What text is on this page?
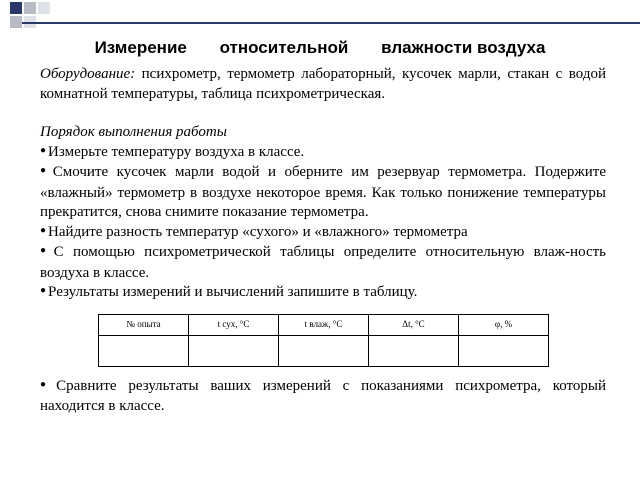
Измерение относительной влажности воздуха

Оборудование: психрометр, термометр лабораторный, кусочек марли, стакан с водой комнатной температуры, таблица психрометрическая.

Порядок выполнения работы

● Измерьте температуру воздуха в классе.

● Смочите кусочек марли водой и оберните им резервуар термометра. Подержите «влажный» термометр в воздухе некоторое время. Как только понижение температуры прекратится, снова снимите показание термометра.

● Найдите разность температур «сухого» и «влажного» термометра

● С помощью психрометрической таблицы определите относительную влаж-ность воздуха в классе.

● Результаты измерений и вычислений запишите в таблицу.

№ опыта	t сух, °C	t влаж, °C	Δt, °C	φ, %

● Сравните результаты ваших измерений с показаниями психрометра, который находится в классе.
